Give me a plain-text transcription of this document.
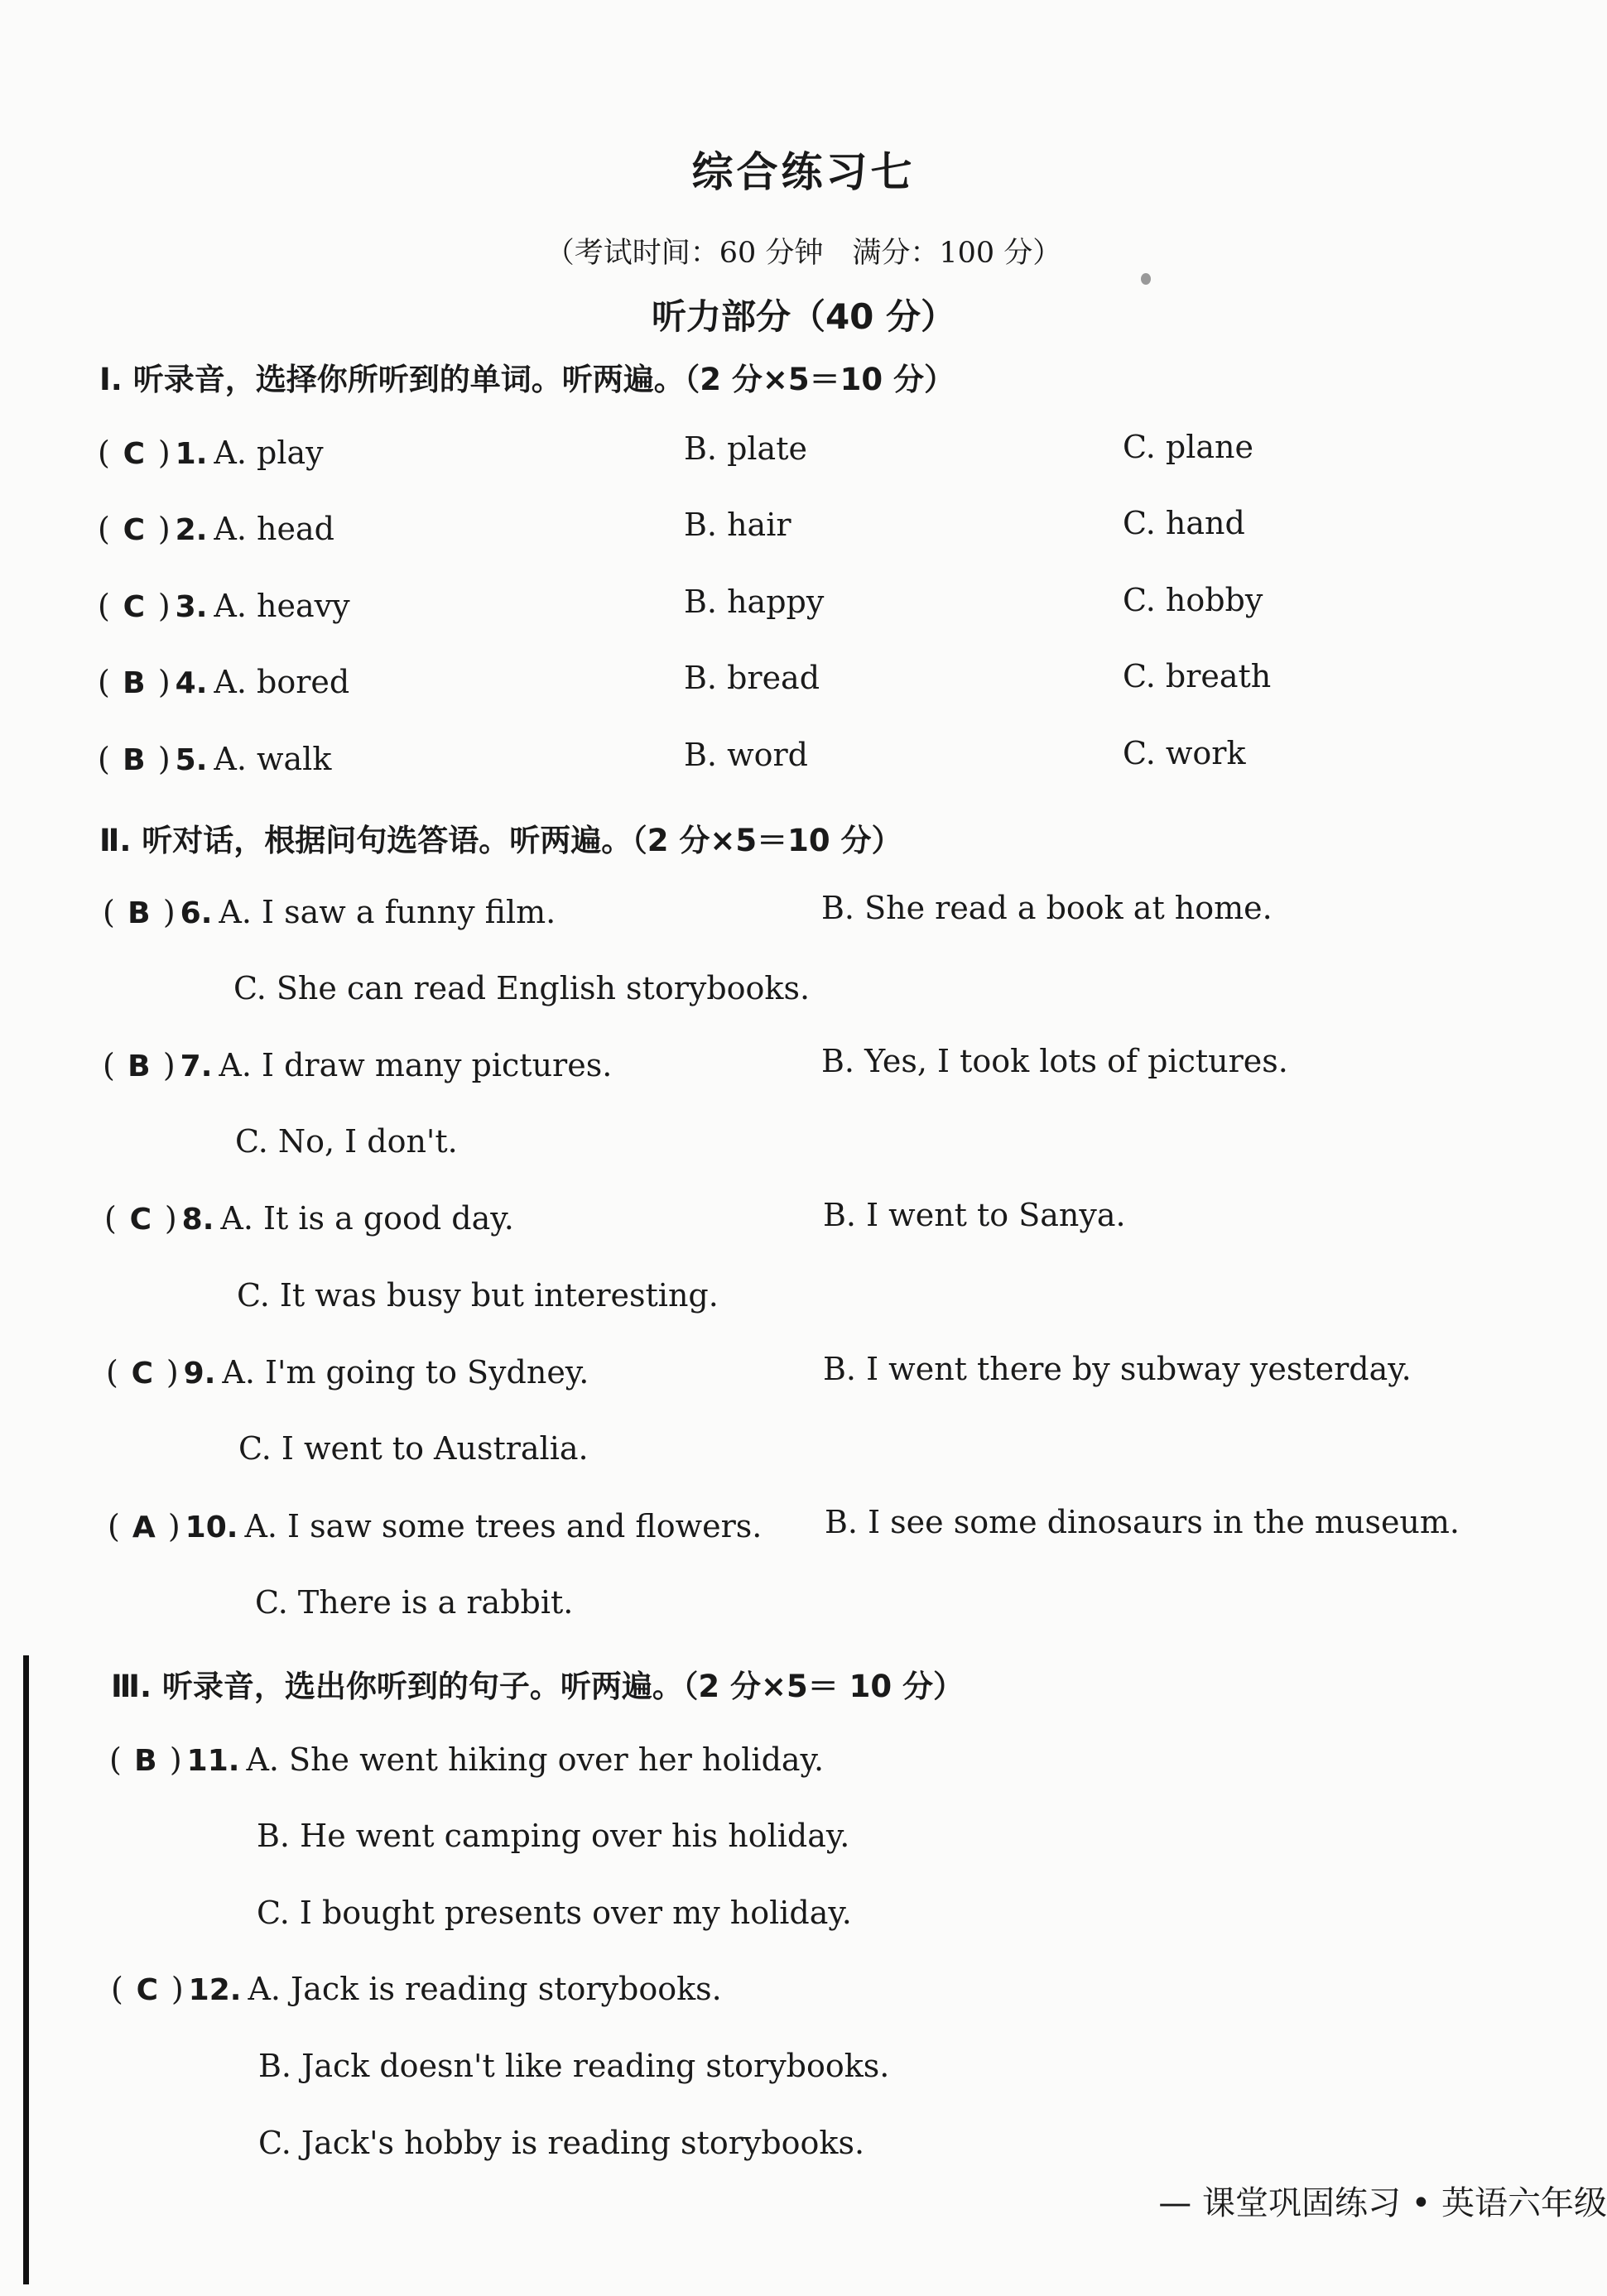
综合练习七
（考试时间：60 分钟　满分：100 分）
听力部分（40 分）
Ⅰ. 听录音，选择你所听到的单词。听两遍。（2 分×5＝10 分）
( C ) 1. A. play	B. plate	C. plane
( C ) 2. A. head	B. hair	C. hand
( C ) 3. A. heavy	B. happy	C. hobby
( B ) 4. A. bored	B. bread	C. breath
( B ) 5. A. walk	B. word	C. work
Ⅱ. 听对话，根据问句选答语。听两遍。（2 分×5＝10 分）
( B ) 6. A. I saw a funny film.	B. She read a book at home.
C. She can read English storybooks.
( B ) 7. A. I draw many pictures.	B. Yes, I took lots of pictures.
C. No, I don't.
( C ) 8. A. It is a good day.	B. I went to Sanya.
C. It was busy but interesting.
( C ) 9. A. I'm going to Sydney.	B. I went there by subway yesterday.
C. I went to Australia.
( A ) 10. A. I saw some trees and flowers. B. I see some dinosaurs in the museum.
C. There is a rabbit.
Ⅲ. 听录音，选出你听到的句子。听两遍。（2 分×5＝ 10 分）
( B ) 11. A. She went hiking over her holiday.
B. He went camping over his holiday.
C. I bought presents over my holiday.
( C ) 12. A. Jack is reading storybooks.
B. Jack doesn't like reading storybooks.
C. Jack's hobby is reading storybooks.
— 课堂巩固练习 • 英语六年级
